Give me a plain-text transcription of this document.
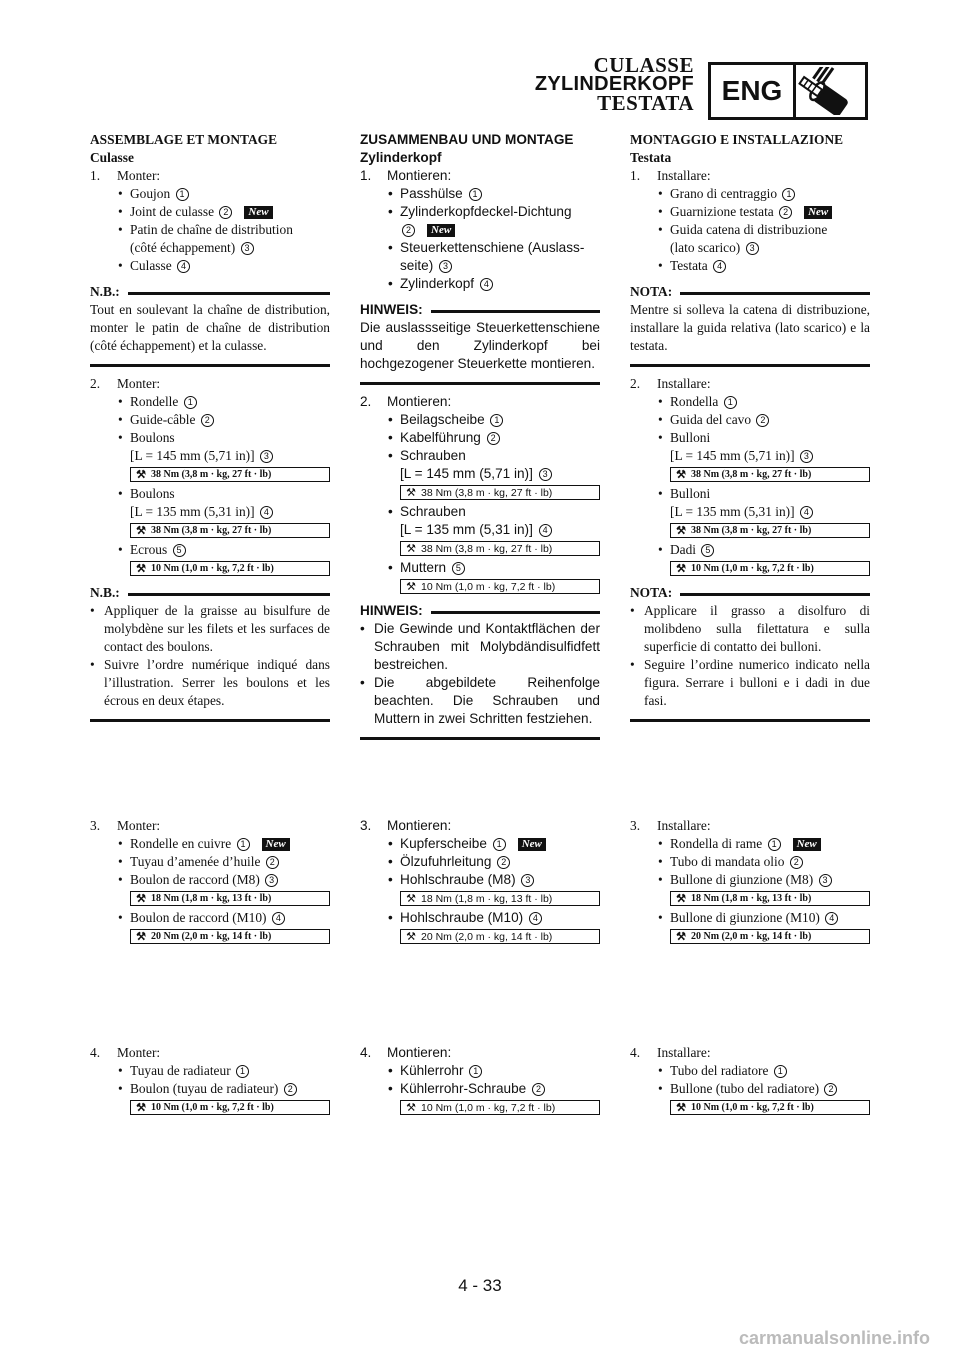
CULASSE
ZYLINDERKOPF
TESTATA ENG
ASSEMBLAGE ET MONTAGE
Culasse
1. Monter:
• Goujon 1
• Joint de culasse 2 New
• Patin de chaîne de distribution
(côté échappement) 3
• Culasse 4
N.B.:
Tout en soulevant la chaîne de distribution, monter le patin de chaîne de distribution (côté échappement) et la culasse.
2. Monter:
• Rondelle 1
• Guide-câble 2
• Boulons
[L = 145 mm (5,71 in)] 3
⚒ 38 Nm (3,8 m · kg, 27 ft · lb)
• Boulons
[L = 135 mm (5,31 in)] 4
⚒ 38 Nm (3,8 m · kg, 27 ft · lb)
• Ecrous 5
⚒ 10 Nm (1,0 m · kg, 7,2 ft · lb)
N.B.:
• Appliquer de la graisse au bisulfure de molybdène sur les filets et les surfaces de contact des boulons.
• Suivre l’ordre numérique indiqué dans l’illustration. Serrer les boulons et les écrous en deux étapes.
ZUSAMMENBAU UND MONTAGE
Zylinderkopf
1. Montieren:
• Passhülse 1
• Zylinderkopfdeckel-Dichtung
2 New
• Steuerkettenschiene (Auslass-
seite) 3
• Zylinderkopf 4
HINWEIS:
Die auslassseitige Steuerkettenschiene und den Zylinderkopf bei hochgezogener Steuerkette montieren.
2. Montieren:
• Beilagscheibe 1
• Kabelführung 2
• Schrauben
[L = 145 mm (5,71 in)] 3
⚒ 38 Nm (3,8 m · kg, 27 ft · lb)
• Schrauben
[L = 135 mm (5,31 in)] 4
⚒ 38 Nm (3,8 m · kg, 27 ft · lb)
• Muttern 5
⚒ 10 Nm (1,0 m · kg, 7,2 ft · lb)
HINWEIS:
• Die Gewinde und Kontaktflächen der Schrauben mit Molybdändisulfidfett bestreichen.
• Die abgebildete Reihenfolge beachten. Die Schrauben und Muttern in zwei Schritten festziehen.
MONTAGGIO E INSTALLAZIONE
Testata
1. Installare:
• Grano di centraggio 1
• Guarnizione testata 2 New
• Guida catena di distribuzione
(lato scarico) 3
• Testata 4
NOTA:
Mentre si solleva la catena di distribuzione, installare la guida relativa (lato scarico) e la testata.
2. Installare:
• Rondella 1
• Guida del cavo 2
• Bulloni
[L = 145 mm (5,71 in)] 3
⚒ 38 Nm (3,8 m · kg, 27 ft · lb)
• Bulloni
[L = 135 mm (5,31 in)] 4
⚒ 38 Nm (3,8 m · kg, 27 ft · lb)
• Dadi 5
⚒ 10 Nm (1,0 m · kg, 7,2 ft · lb)
NOTA:
• Applicare il grasso a disolfuro di molibdeno sulla filettatura e sulla superficie di contatto dei bulloni.
• Seguire l’ordine numerico indicato nella figura. Serrare i bulloni e i dadi in due fasi.
3. Monter:
• Rondelle en cuivre 1 New
• Tuyau d’amenée d’huile 2
• Boulon de raccord (M8) 3
⚒ 18 Nm (1,8 m · kg, 13 ft · lb)
• Boulon de raccord (M10) 4
⚒ 20 Nm (2,0 m · kg, 14 ft · lb)
3. Montieren:
• Kupferscheibe 1 New
• Ölzufuhrleitung 2
• Hohlschraube (M8) 3
⚒ 18 Nm (1,8 m · kg, 13 ft · lb)
• Hohlschraube (M10) 4
⚒ 20 Nm (2,0 m · kg, 14 ft · lb)
3. Installare:
• Rondella di rame 1 New
• Tubo di mandata olio 2
• Bullone di giunzione (M8) 3
⚒ 18 Nm (1,8 m · kg, 13 ft · lb)
• Bullone di giunzione (M10) 4
⚒ 20 Nm (2,0 m · kg, 14 ft · lb)
4. Monter:
• Tuyau de radiateur 1
• Boulon (tuyau de radiateur) 2
⚒ 10 Nm (1,0 m · kg, 7,2 ft · lb)
4. Montieren:
• Kühlerrohr 1
• Kühlerrohr-Schraube 2
⚒ 10 Nm (1,0 m · kg, 7,2 ft · lb)
4. Installare:
• Tubo del radiatore 1
• Bullone (tubo del radiatore) 2
⚒ 10 Nm (1,0 m · kg, 7,2 ft · lb)
4 - 33
carmanualsonline.info
